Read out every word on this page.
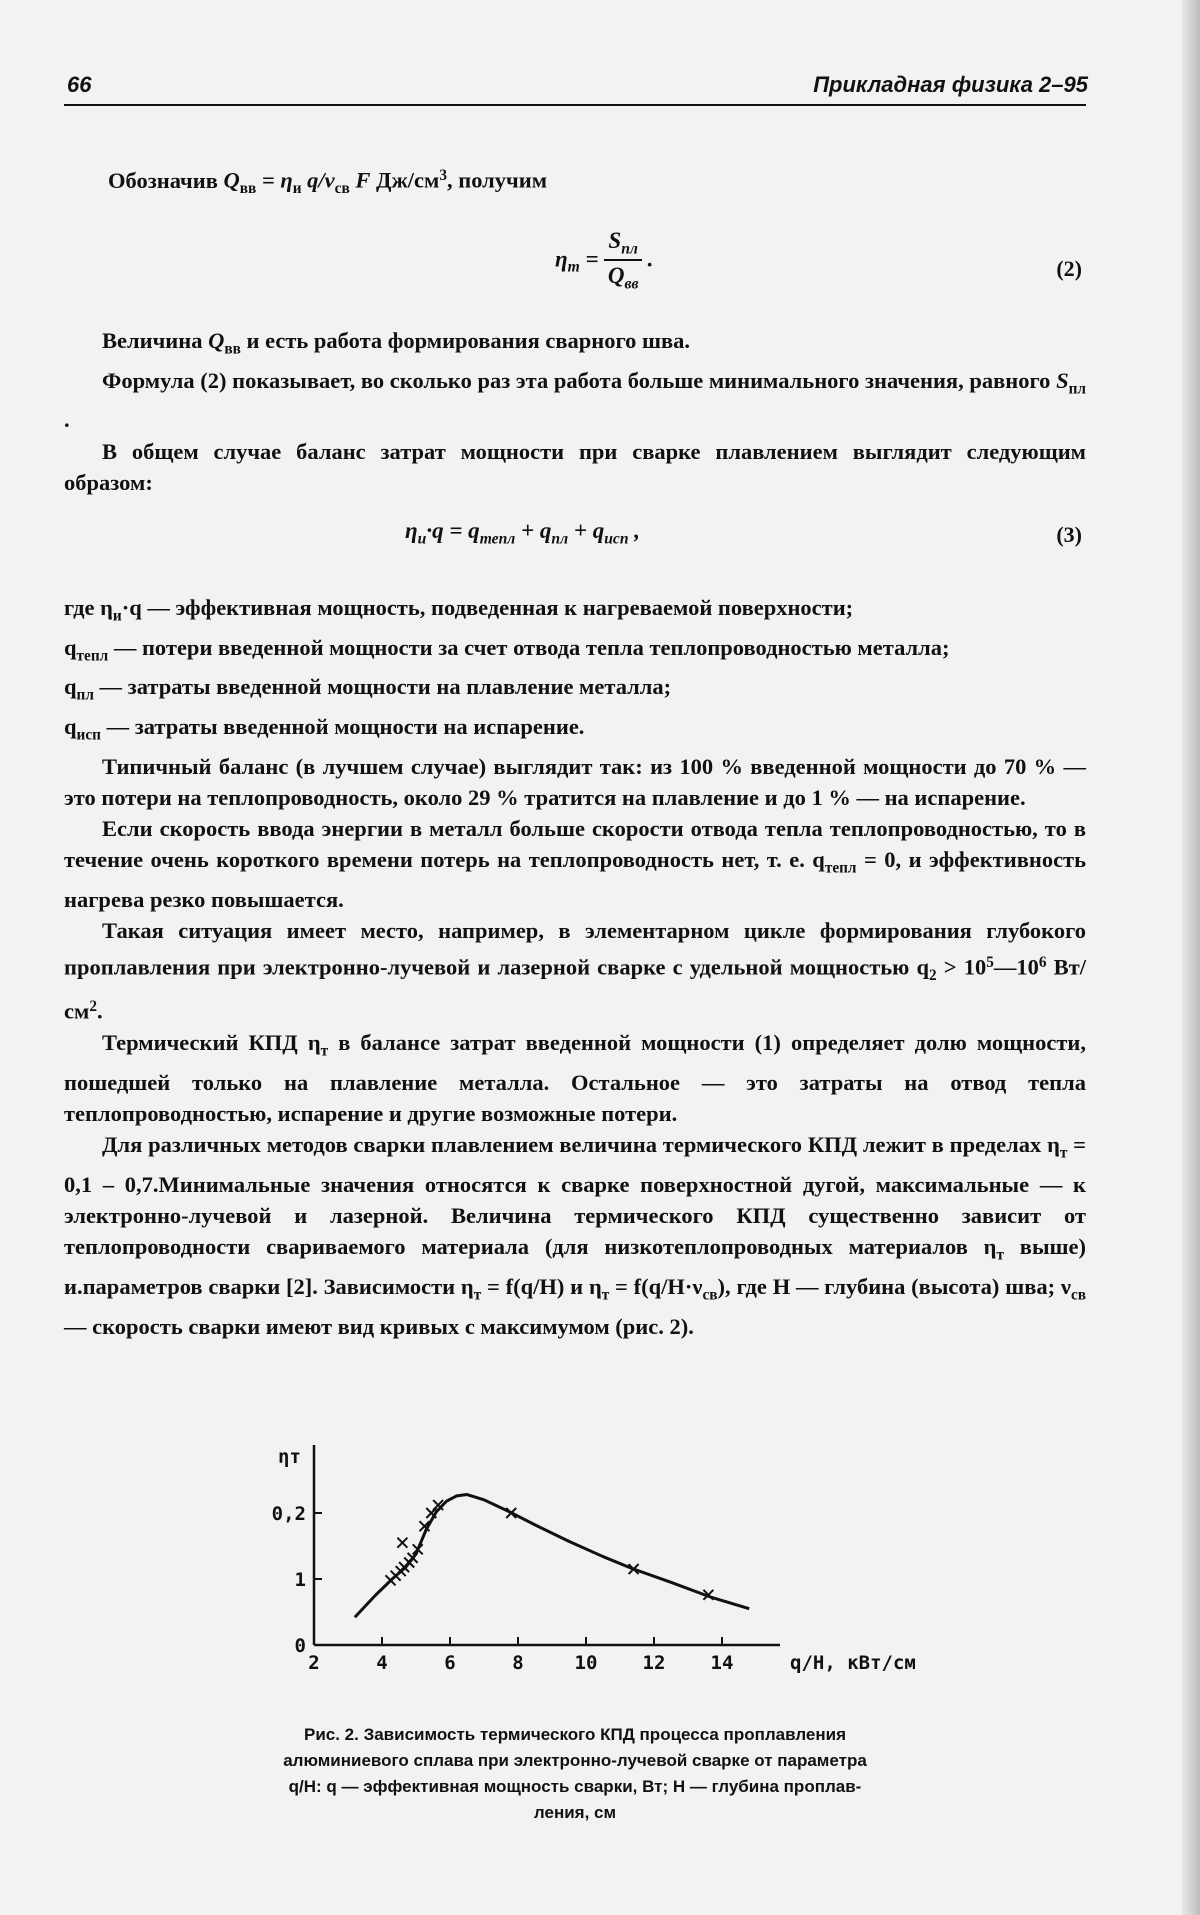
66	Прикладная физика 2–95
Обозначив $Q_{вв} = \eta_и$ $q/\nu_{св}$ F $Дж/см^3$, получим
$\eta_т = \frac{S_{пл}}{Q_{вв}}$ .	(2)

Величина $Q_{вв}$ и есть работа формирования сварного шва.

Формула (2) показывает, во сколько раз эта работа больше минимального значения, равного $S_{пл}$ .

В общем случае баланс затрат мощности при сварке плавлением выглядит следующим образом:

$\eta_и\cdot q = q_{тепл} + q_{пл} + q_{исп}$ ,	(3)

где $\eta_и\cdot q$ — эффективная мощность, подведенная к нагреваемой поверхности;

$q_{тепл}$ — потери введенной мощности за счет отвода тепла теплопроводностью металла;

$q_{пл}$ — затраты введенной мощности на плавление металла;

$q_{исп}$ — затраты введенной мощности на испарение.

Типичный баланс (в лучшем случае) выглядит так: из 100 % введенной мощности до 70 % — это потери на теплопроводность, около 29 % тратится на плавление и до 1 % — на испарение.

Если скорость ввода энергии в металл больше скорости отвода тепла теплопроводностью, то в течение очень короткого времени потерь на теплопроводность нет, т. е. $q_{тепл} = 0$, и эффективность нагрева резко повышается.

Такая ситуация имеет место, например, в элементарном цикле формирования глубокого проплавления при электронно-лучевой и лазерной сварке с удельной мощностью $q_2$ > $10^5—10^6$ $Вт/см^2$.

Термический КПД $\eta_т$ в балансе затрат введенной мощности (1) определяет долю мощности, пошедшей только на плавление металла. Остальное — это затраты на отвод тепла теплопроводностью, испарение и другие возможные потери.

Для различных методов сварки плавлением величина термического КПД лежит в пределах $\eta_т = 0,1$ – 0,7.Минимальные значения относятся к сварке поверхностной дугой, максимальные — к электронно-лучевой и лазерной. Величина термического КПД существенно зависит от теплопроводности свариваемого материала (для низкотеплопроводных материалов $\eta_т$ выше) и.параметров сварки [2]. Зависимости $\eta_т = f(q/H)$ и $\eta_т = f(q/H\cdot\nu_{св})$, где H — глубина (высота) шва; $\nu_{св}$ — скорость сварки имеют вид кривых с максимумом (рис. 2).

2	4	6	8	10 12 14
0
1
0,2
ηт
q/H, кВт/см
Рис. 2. Зависимость термического КПД процесса проплавления
алюминиевого сплава при электронно-лучевой сварке от параметра
q/H: q — эффективная мощность сварки, Вт; H — глубина проплав-
ления, см
